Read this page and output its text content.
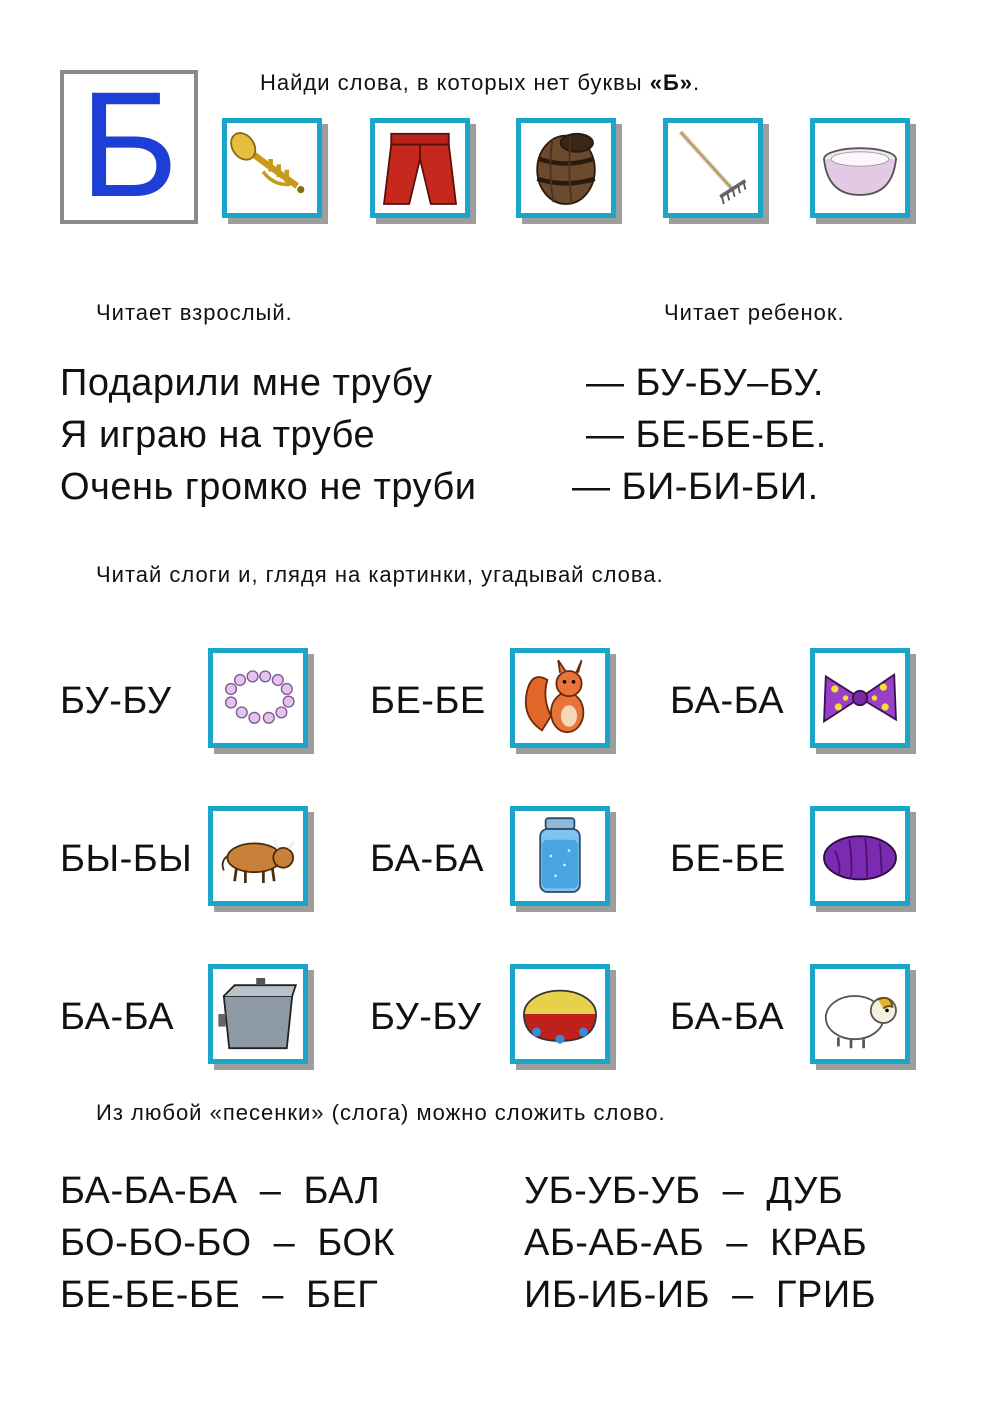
Б	Найди слова, в которых нет буквы «Б».
Читает взрослый.	Читает ребенок.
Подарили мне трубу	— БУ-БУ–БУ.
Я играю на трубе	— БЕ-БЕ-БЕ.
Очень громко не труби	— БИ-БИ-БИ.
Читай слоги и, глядя на картинки, угадывай слова.
БУ-БУ	БЕ-БЕ	БА-БА
БЫ-БЫ	БА-БА	БЕ-БЕ
БА-БА	БУ-БУ	БА-БА
Из любой «песенки» (слога) можно сложить слово.
БА-БА-БА  –  БАЛ
БО-БО-БО  –  БОК
БЕ-БЕ-БЕ  –  БЕГ
УБ-УБ-УБ  –  ДУБ
АБ-АБ-АБ  –  КРАБ
ИБ-ИБ-ИБ  –  ГРИБ
